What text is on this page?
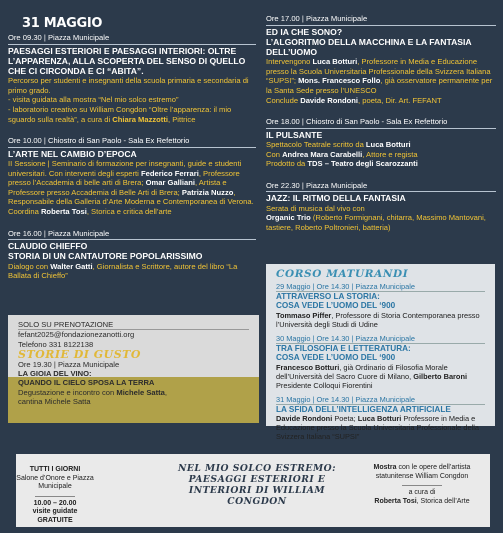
31 MAGGIO

Ore 09.30 | Piazza Municipale

PAESAGGI ESTERIORI E PAESAGGI INTERIORI: OLTRE L’APPARENZA, ALLA SCOPERTA DEL SENSO DI QUELLO CHE CI CIRCONDA E CI “ABITA”.

Percorso per studenti e insegnanti della scuola primaria e secondaria di primo grado.

- visita guidata alla mostra “Nel mio solco estremo”

- laboratorio creativo su William Congdon “Oltre l’apparenza: il mio sguardo sulla realtà”, a cura di Chiara Mazzotti, Pittrice

Ore 10.00 | Chiostro di San Paolo - Sala Ex Refettorio

L’ARTE NEL CAMBIO D’EPOCA

II Sessione | Seminario di formazione per insegnanti, guide e studenti universitari. Con interventi degli esperti Federico Ferrari, Professore presso l’Accademia di belle arti di Brera; Omar Galliani, Artista e Professore presso Accademia di Belle Arti di Brera; Patrizia Nuzzo, Responsabile della Galleria d’Arte Moderna e Contemporanea di Verona.

Coordina Roberta Tosi, Storica e critica dell’arte

Ore 16.00 | Piazza Municipale

CLAUDIO CHIEFFO

STORIA DI UN CANTAUTORE POPOLARISSIMO

Dialogo con Walter Gatti, Giornalista e Scrittore, autore del libro “La Ballata di Chieffo”

SOLO SU PRENOTAZIONE

fefant2025@fondazionezanotti.org

Telefono 331 8122138

STORIE DI GUSTO

Ore 19.30 | Piazza Municipale

LA GIOIA DEL VINO:

QUANDO IL CIELO SPOSA LA TERRA

Degustazione e incontro con Michele Satta,

cantina Michele Satta

Ore 17.00 | Piazza Municipale

ED IA CHE SONO?

L’ALGORITMO DELLA MACCHINA E LA FANTASIA DELL’UOMO

Intervengono Luca Botturi, Professore in Media e Educazione presso la Scuola Universitaria Professionale della Svizzera Italiana “SUPSI”; Mons. Francesco Follo, già osservatore permanente per la Santa Sede presso l’UNESCO

Conclude Davide Rondoni, poeta, Dir. Art. FEFANT

Ore 18.00 | Chiostro di San Paolo - Sala Ex Refettorio

IL PULSANTE

Spettacolo Teatrale scritto da Luca Botturi

Con Andrea Mara Carabelli, Attore e regista

Prodotto da TDS – Teatro degli Scarozzanti

Ore 22.30 | Piazza Municipale

JAZZ: IL RITMO DELLA FANTASIA

Serata di musica dal vivo con

Organic Trio (Roberto Formignani, chitarra, Massimo Mantovani, tastiere, Roberto Poltronieri, batteria)

CORSO MATURANDI

29 Maggio | Ore 14.30 | Piazza Municipale

ATTRAVERSO LA STORIA:

COSA VEDE L’UOMO DEL ‘900

Tommaso Piffer, Professore di Storia Contemporanea presso l’Università degli Studi di Udine

30 Maggio | Ore 14.30 | Piazza Municipale

TRA FILOSOFIA E LETTERATURA:

COSA VEDE L’UOMO DEL ‘900

Francesco Botturi, già Ordinario di Filosofia Morale dell’Università del Sacro Cuore di Milano, Gilberto Baroni Presidente Colloqui Fiorentini

31 Maggio | Ore 14.30 | Piazza Municipale

LA SFIDA DELL’INTELLIGENZA ARTIFICIALE

Davide Rondoni Poeta; Luca Botturi Professore in Media e Educazione presso la Scuola Universitaria Professionale della Svizzera Italiana “SUPSI”

TUTTI I GIORNI
Salone d’Onore e Piazza Municipale
10.00 – 20.00
visite guidate GRATUITE
NEL MIO SOLCO ESTREMO: PAESAGGI ESTERIORI E INTERIORI DI WILLIAM CONGDON
Mostra con le opere dell’artista statunitense William Congdon
a cura di
Roberta Tosi, Storica dell’Arte
